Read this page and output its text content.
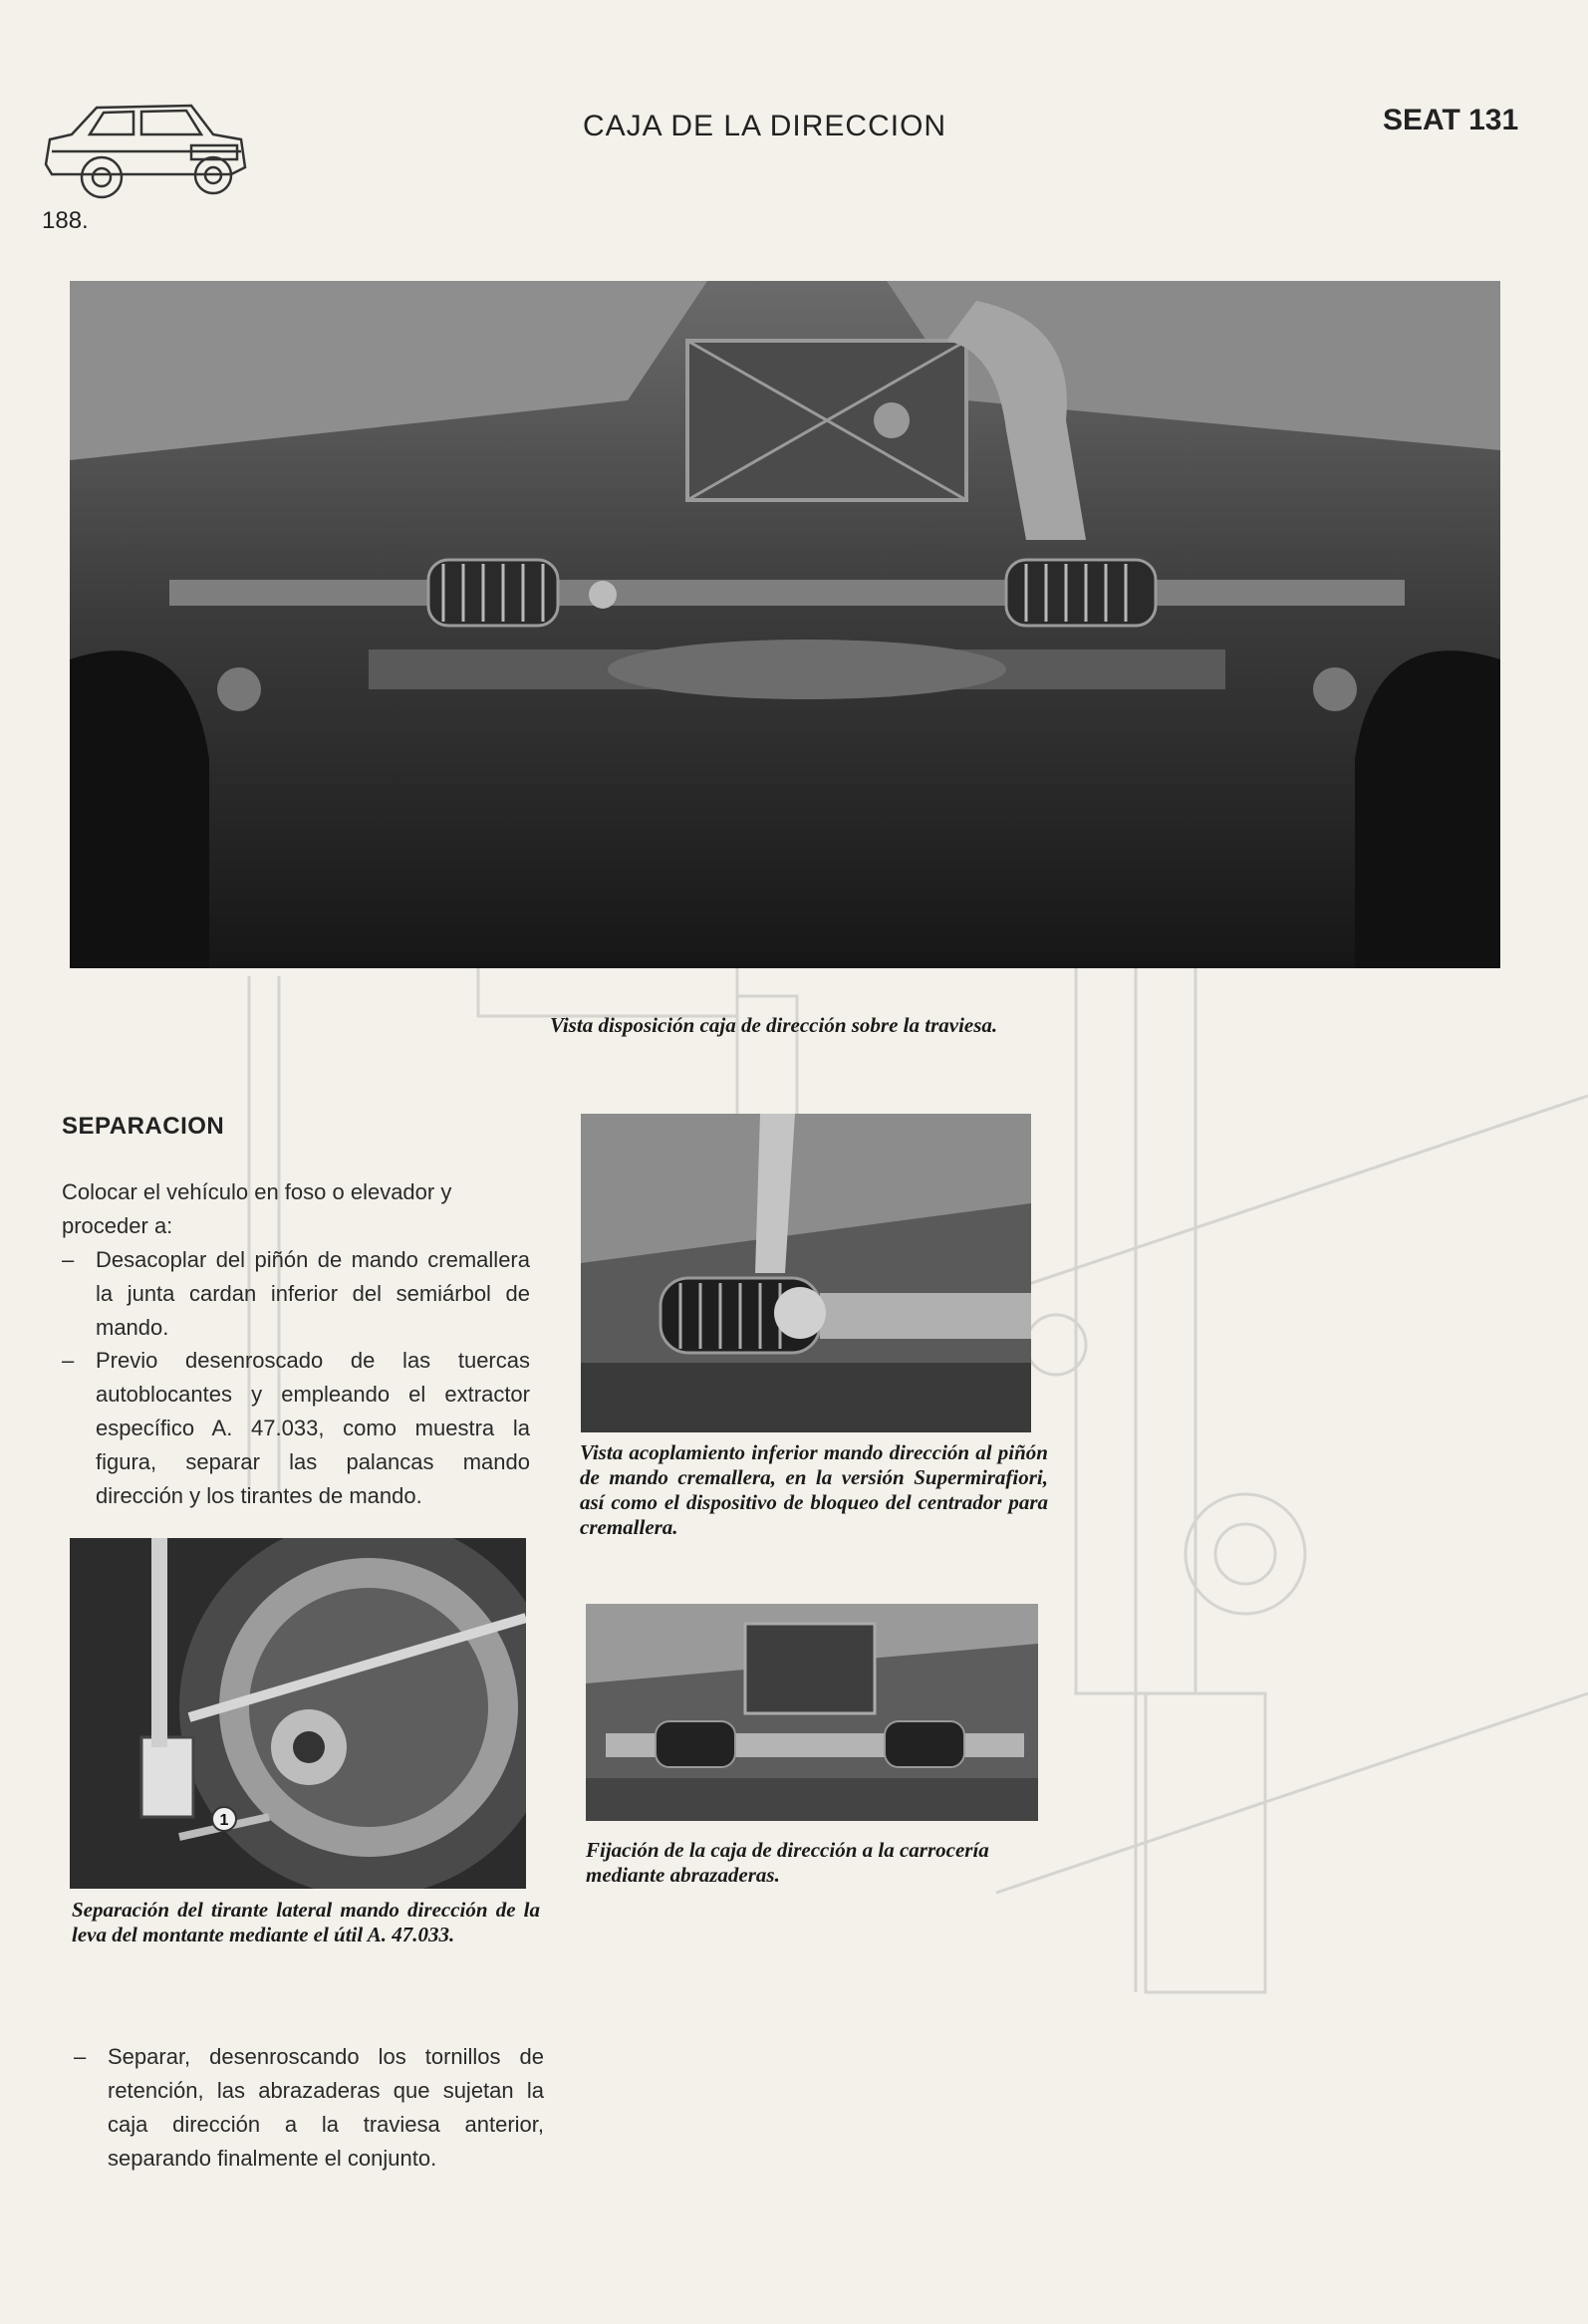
188.
CAJA DE LA DIRECCION	SEAT 131
Vista disposición caja de dirección sobre la traviesa.
SEPARACION
Colocar el vehículo en foso o elevador y proceder a:
– Desacoplar del piñón de mando cremallera la junta cardan inferior del semiárbol de mando.
– Previo desenroscado de las tuercas autoblocantes y empleando el extractor específico A. 47.033, como muestra la figura, separar las palancas mando dirección y los tirantes de mando.
Vista acoplamiento inferior mando dirección al piñón de mando cremallera, en la versión Supermirafiori, así como el dispositivo de bloqueo del centrador para cremallera.
1
Separación del tirante lateral mando dirección de la leva del montante mediante el útil A. 47.033.
Fijación de la caja de dirección a la carrocería mediante abrazaderas.
– Separar, desenroscando los tornillos de retención, las abrazaderas que sujetan la caja dirección a la traviesa anterior, separando finalmente el conjunto.
